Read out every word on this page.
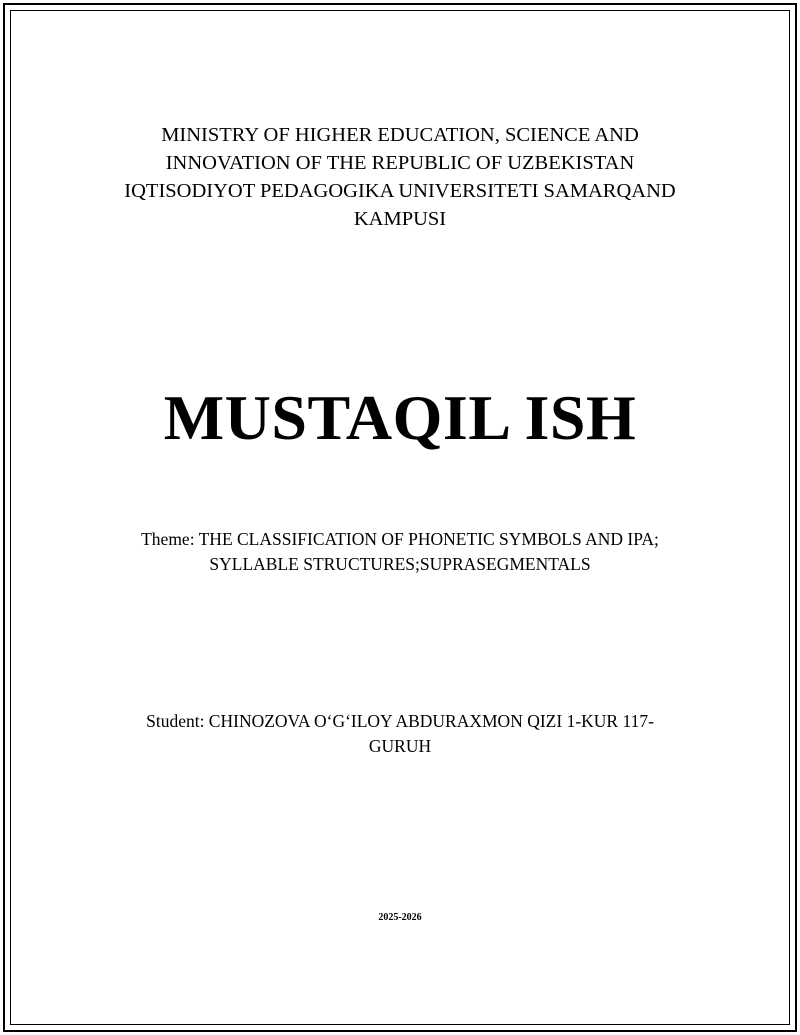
MINISTRY OF HIGHER EDUCATION, SCIENCE AND
INNOVATION OF THE REPUBLIC OF UZBEKISTAN
IQTISODIYOT PEDAGOGIKA UNIVERSITETI SAMARQAND
KAMPUSI
MUSTAQIL ISH
Theme: THE CLASSIFICATION OF PHONETIC SYMBOLS AND IPA;
SYLLABLE STRUCTURES;SUPRASEGMENTALS
Student: CHINOZOVA O‘G‘ILOY ABDURAXMON QIZI 1-KUR 117-
GURUH
2025-2026
